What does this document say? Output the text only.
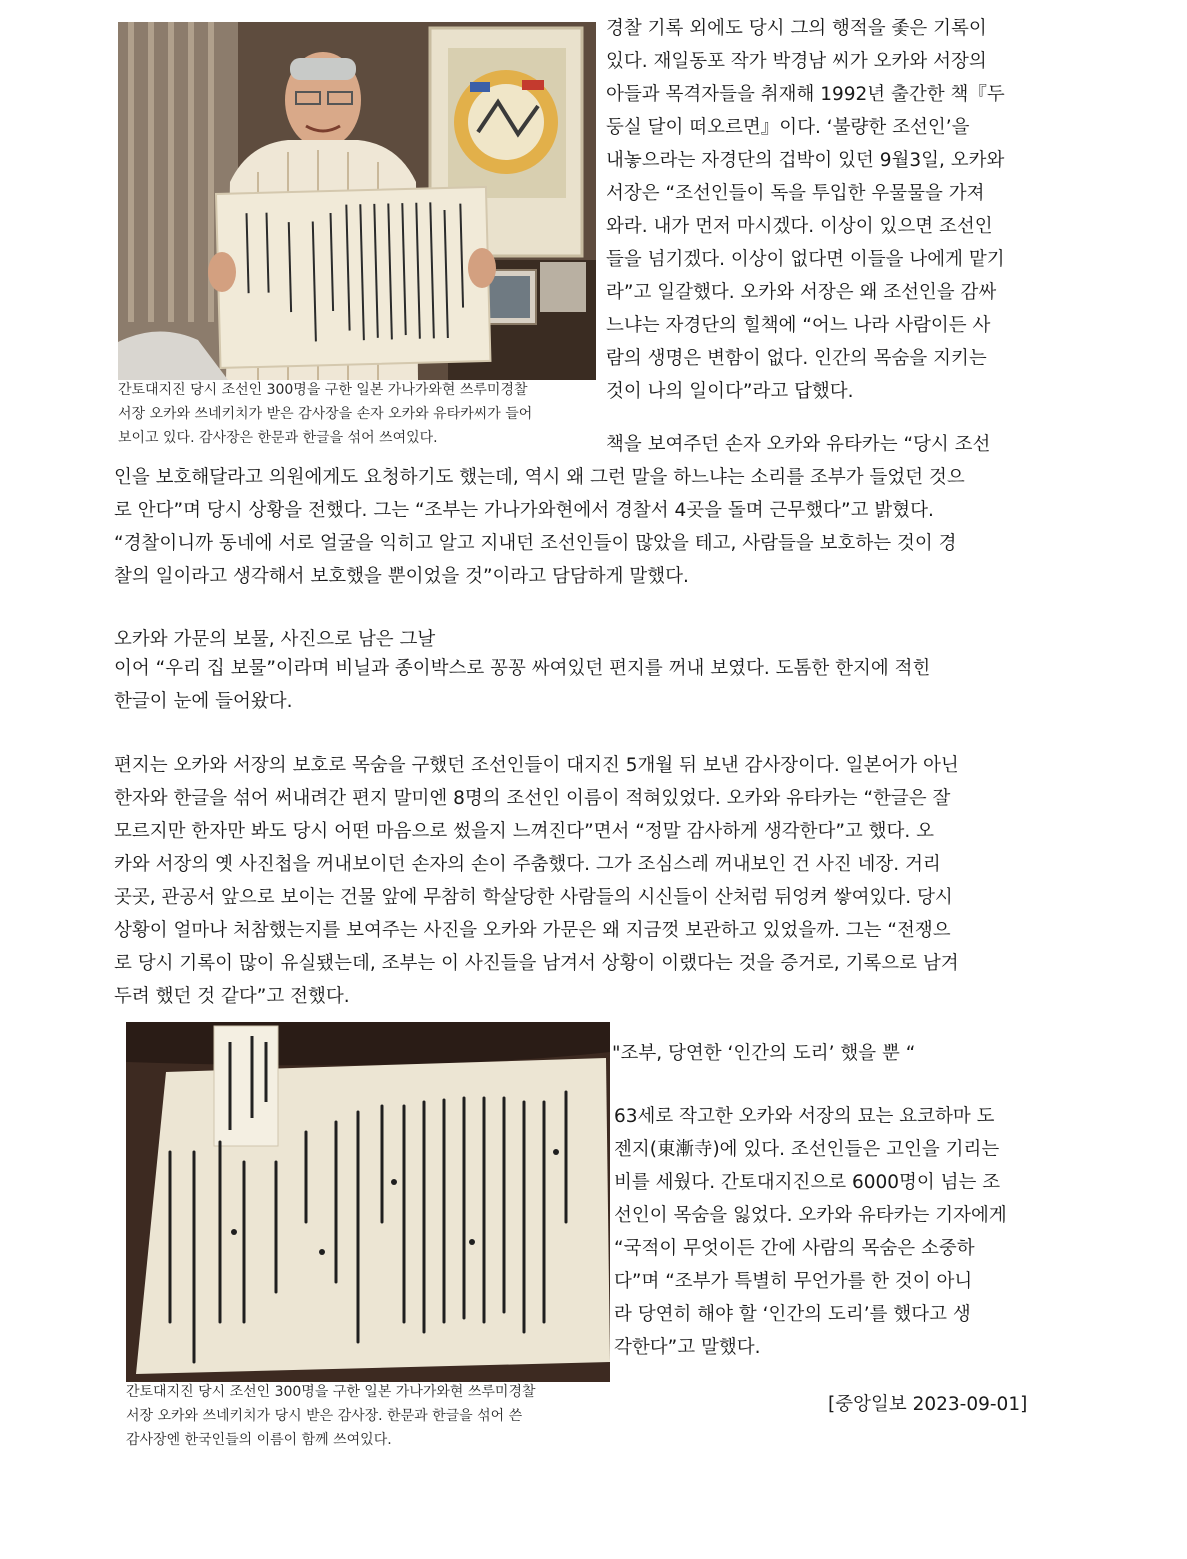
간토대지진 당시 조선인 300명을 구한 일본 가나가와현 쓰루미경찰

서장 오카와 쓰네키치가 받은 감사장을 손자 오카와 유타카씨가 들어

보이고 있다. 감사장은 한문과 한글을 섞어 쓰여있다.

경찰 기록 외에도 당시 그의 행적을 좇은 기록이

있다. 재일동포 작가 박경남 씨가 오카와 서장의

아들과 목격자들을 취재해 1992년 출간한 책『두

둥실 달이 떠오르면』이다. ‘불량한 조선인’을

내놓으라는 자경단의 겁박이 있던 9월3일, 오카와

서장은 “조선인들이 독을 투입한 우물물을 가져

와라. 내가 먼저 마시겠다. 이상이 있으면 조선인

들을 넘기겠다. 이상이 없다면 이들을 나에게 맡기

라”고 일갈했다. 오카와 서장은 왜 조선인을 감싸

느냐는 자경단의 힐책에 “어느 나라 사람이든 사

람의 생명은 변함이 없다. 인간의 목숨을 지키는

것이 나의 일이다”라고 답했다.

책을 보여주던 손자 오카와 유타카는 “당시 조선

인을 보호해달라고 의원에게도 요청하기도 했는데, 역시 왜 그런 말을 하느냐는 소리를 조부가 들었던 것으

로 안다”며 당시 상황을 전했다. 그는 “조부는 가나가와현에서 경찰서 4곳을 돌며 근무했다”고 밝혔다.

“경찰이니까 동네에 서로 얼굴을 익히고 알고 지내던 조선인들이 많았을 테고, 사람들을 보호하는 것이 경

찰의 일이라고 생각해서 보호했을 뿐이었을 것”이라고 담담하게 말했다.

오카와 가문의 보물, 사진으로 남은 그날

이어 “우리 집 보물”이라며 비닐과 종이박스로 꽁꽁 싸여있던 편지를 꺼내 보였다. 도톰한 한지에 적힌

한글이 눈에 들어왔다.

편지는 오카와 서장의 보호로 목숨을 구했던 조선인들이 대지진 5개월 뒤 보낸 감사장이다. 일본어가 아닌

한자와 한글을 섞어 써내려간 편지 말미엔 8명의 조선인 이름이 적혀있었다. 오카와 유타카는 “한글은 잘

모르지만 한자만 봐도 당시 어떤 마음으로 썼을지 느껴진다”면서 “정말 감사하게 생각한다”고 했다. 오

카와 서장의 옛 사진첩을 꺼내보이던 손자의 손이 주춤했다. 그가 조심스레 꺼내보인 건 사진 네장. 거리

곳곳, 관공서 앞으로 보이는 건물 앞에 무참히 학살당한 사람들의 시신들이 산처럼 뒤엉켜 쌓여있다. 당시

상황이 얼마나 처참했는지를 보여주는 사진을 오카와 가문은 왜 지금껏 보관하고 있었을까. 그는 “전쟁으

로 당시 기록이 많이 유실됐는데, 조부는 이 사진들을 남겨서 상황이 이랬다는 것을 증거로, 기록으로 남겨

두려 했던 것 같다”고 전했다.

간토대지진 당시 조선인 300명을 구한 일본 가나가와현 쓰루미경찰

서장 오카와 쓰네키치가 당시 받은 감사장. 한문과 한글을 섞어 쓴

감사장엔 한국인들의 이름이 함께 쓰여있다.

"조부, 당연한 ‘인간의 도리’ 했을 뿐 “

63세로 작고한 오카와 서장의 묘는 요코하마 도

젠지(東漸寺)에 있다. 조선인들은 고인을 기리는

비를 세웠다. 간토대지진으로 6000명이 넘는 조

선인이 목숨을 잃었다. 오카와 유타카는 기자에게

“국적이 무엇이든 간에 사람의 목숨은 소중하

다”며 “조부가 특별히 무언가를 한 것이 아니

라 당연히 해야 할 ‘인간의 도리’를 했다고 생

각한다”고 말했다.

[중앙일보 2023-09-01]
